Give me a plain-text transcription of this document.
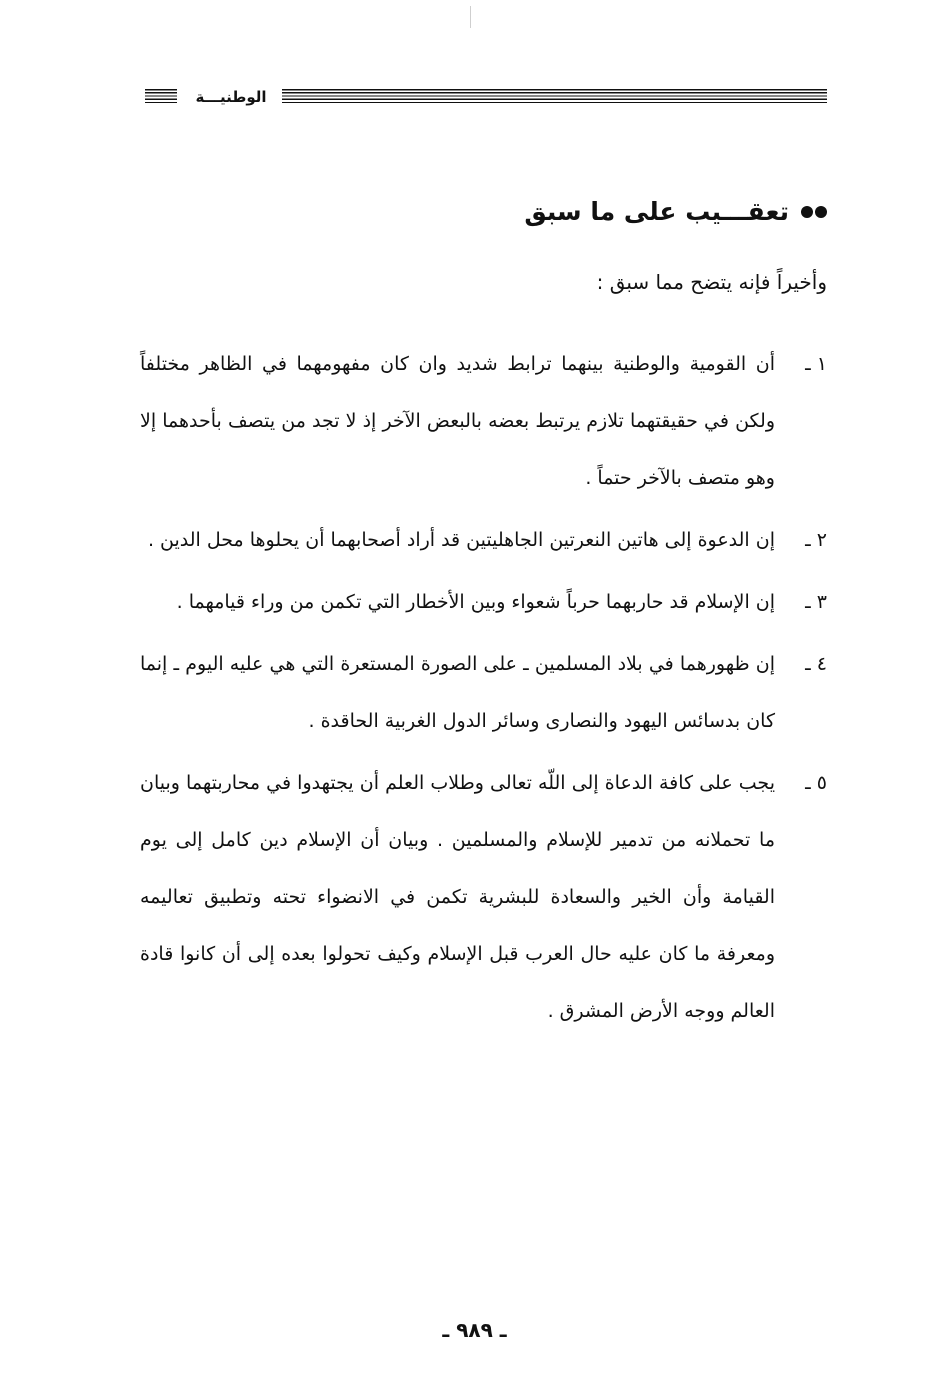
الوطنيـــة
تعقـــيب على ما سبق
وأخيراً فإنه يتضح مما سبق :

١ ـ
أن القومية والوطنية بينهما ترابط شديد وان كان مفهومهما في الظاهر مختلفاً ولكن في حقيقتهما تلازم يرتبط بعضه بالبعض الآخر إذ لا تجد من يتصف بأحدهما إلا وهو متصف بالآخر حتماً .

٢ ـ
إن الدعوة إلى هاتين النعرتين الجاهليتين قد أراد أصحابهما أن يحلوها محل الدين .

٣ ـ
إن الإسلام قد حاربهما حرباً شعواء وبين الأخطار التي تكمن من وراء قيامهما .

٤ ـ
إن ظهورهما في بلاد المسلمين ـ على الصورة المستعرة التي هي عليه اليوم ـ إنما كان بدسائس اليهود والنصارى وسائر الدول الغربية الحاقدة .

٥ ـ
يجب على كافة الدعاة إلى اللّه تعالى وطلاب العلم أن يجتهدوا في محاربتهما وبيان ما تحملانه من تدمير للإسلام والمسلمين . وبيان أن الإسلام دين كامل إلى يوم القيامة وأن الخير والسعادة للبشرية تكمن في الانضواء تحته وتطبيق تعاليمه ومعرفة ما كان عليه حال العرب قبل الإسلام وكيف تحولوا بعده إلى أن كانوا قادة العالم ووجه الأرض المشرق .

ـ ٩٨٩ ـ
